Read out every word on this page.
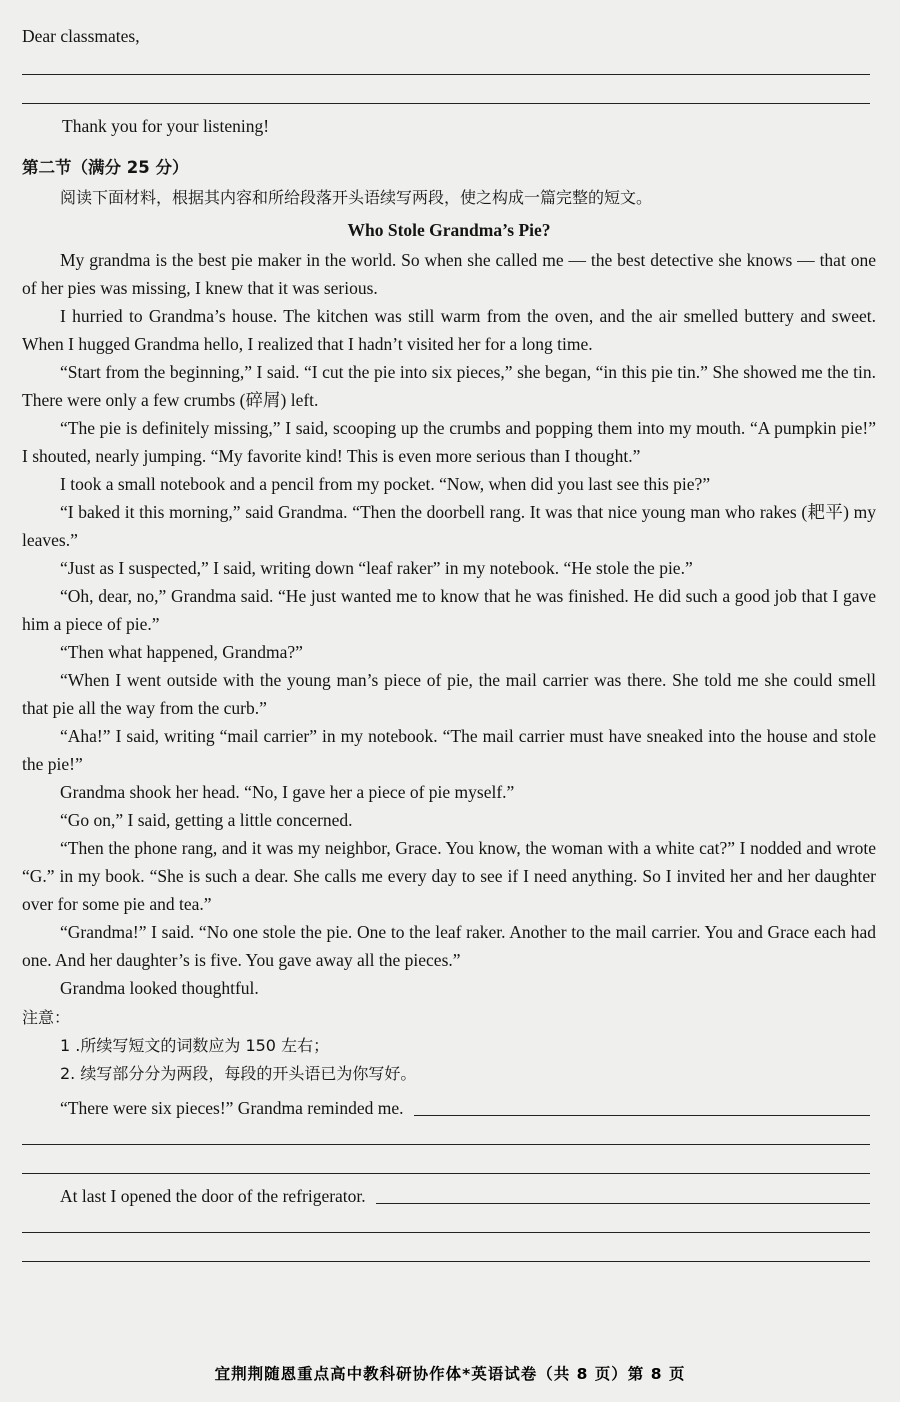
Dear classmates,
Thank you for your listening!
第二节（满分 25 分）
阅读下面材料，根据其内容和所给段落开头语续写两段，使之构成一篇完整的短文。
Who Stole Grandma’s Pie?

My grandma is the best pie maker in the world. So when she called me — the best detective she knows — that one of her pies was missing, I knew that it was serious.

I hurried to Grandma’s house. The kitchen was still warm from the oven, and the air smelled buttery and sweet. When I hugged Grandma hello, I realized that I hadn’t visited her for a long time.

“Start from the beginning,” I said. “I cut the pie into six pieces,” she began, “in this pie tin.” She showed me the tin. There were only a few crumbs (碎屑) left.

“The pie is definitely missing,” I said, scooping up the crumbs and popping them into my mouth. “A pumpkin pie!” I shouted, nearly jumping. “My favorite kind! This is even more serious than I thought.”

I took a small notebook and a pencil from my pocket. “Now, when did you last see this pie?”

“I baked it this morning,” said Grandma. “Then the doorbell rang. It was that nice young man who rakes (耙平) my leaves.”

“Just as I suspected,” I said, writing down “leaf raker” in my notebook. “He stole the pie.”

“Oh, dear, no,” Grandma said. “He just wanted me to know that he was finished. He did such a good job that I gave him a piece of pie.”

“Then what happened, Grandma?”

“When I went outside with the young man’s piece of pie, the mail carrier was there. She told me she could smell that pie all the way from the curb.”

“Aha!” I said, writing “mail carrier” in my notebook. “The mail carrier must have sneaked into the house and stole the pie!”

Grandma shook her head. “No, I gave her a piece of pie myself.”

“Go on,” I said, getting a little concerned.

“Then the phone rang, and it was my neighbor, Grace. You know, the woman with a white cat?” I nodded and wrote “G.” in my book. “She is such a dear. She calls me every day to see if I need anything. So I invited her and her daughter over for some pie and tea.”

“Grandma!” I said. “No one stole the pie. One to the leaf raker. Another to the mail carrier. You and Grace each had one. And her daughter’s is five. You gave away all the pieces.”

Grandma looked thoughtful.

注意：
1 .所续写短文的词数应为 150 左右；
2. 续写部分分为两段，每段的开头语已为你写好。
“There were six pieces!” Grandma reminded me.
At last I opened the door of the refrigerator.
宜荆荆随恩重点高中教科研协作体*英语试卷（共 8 页）第 8 页
